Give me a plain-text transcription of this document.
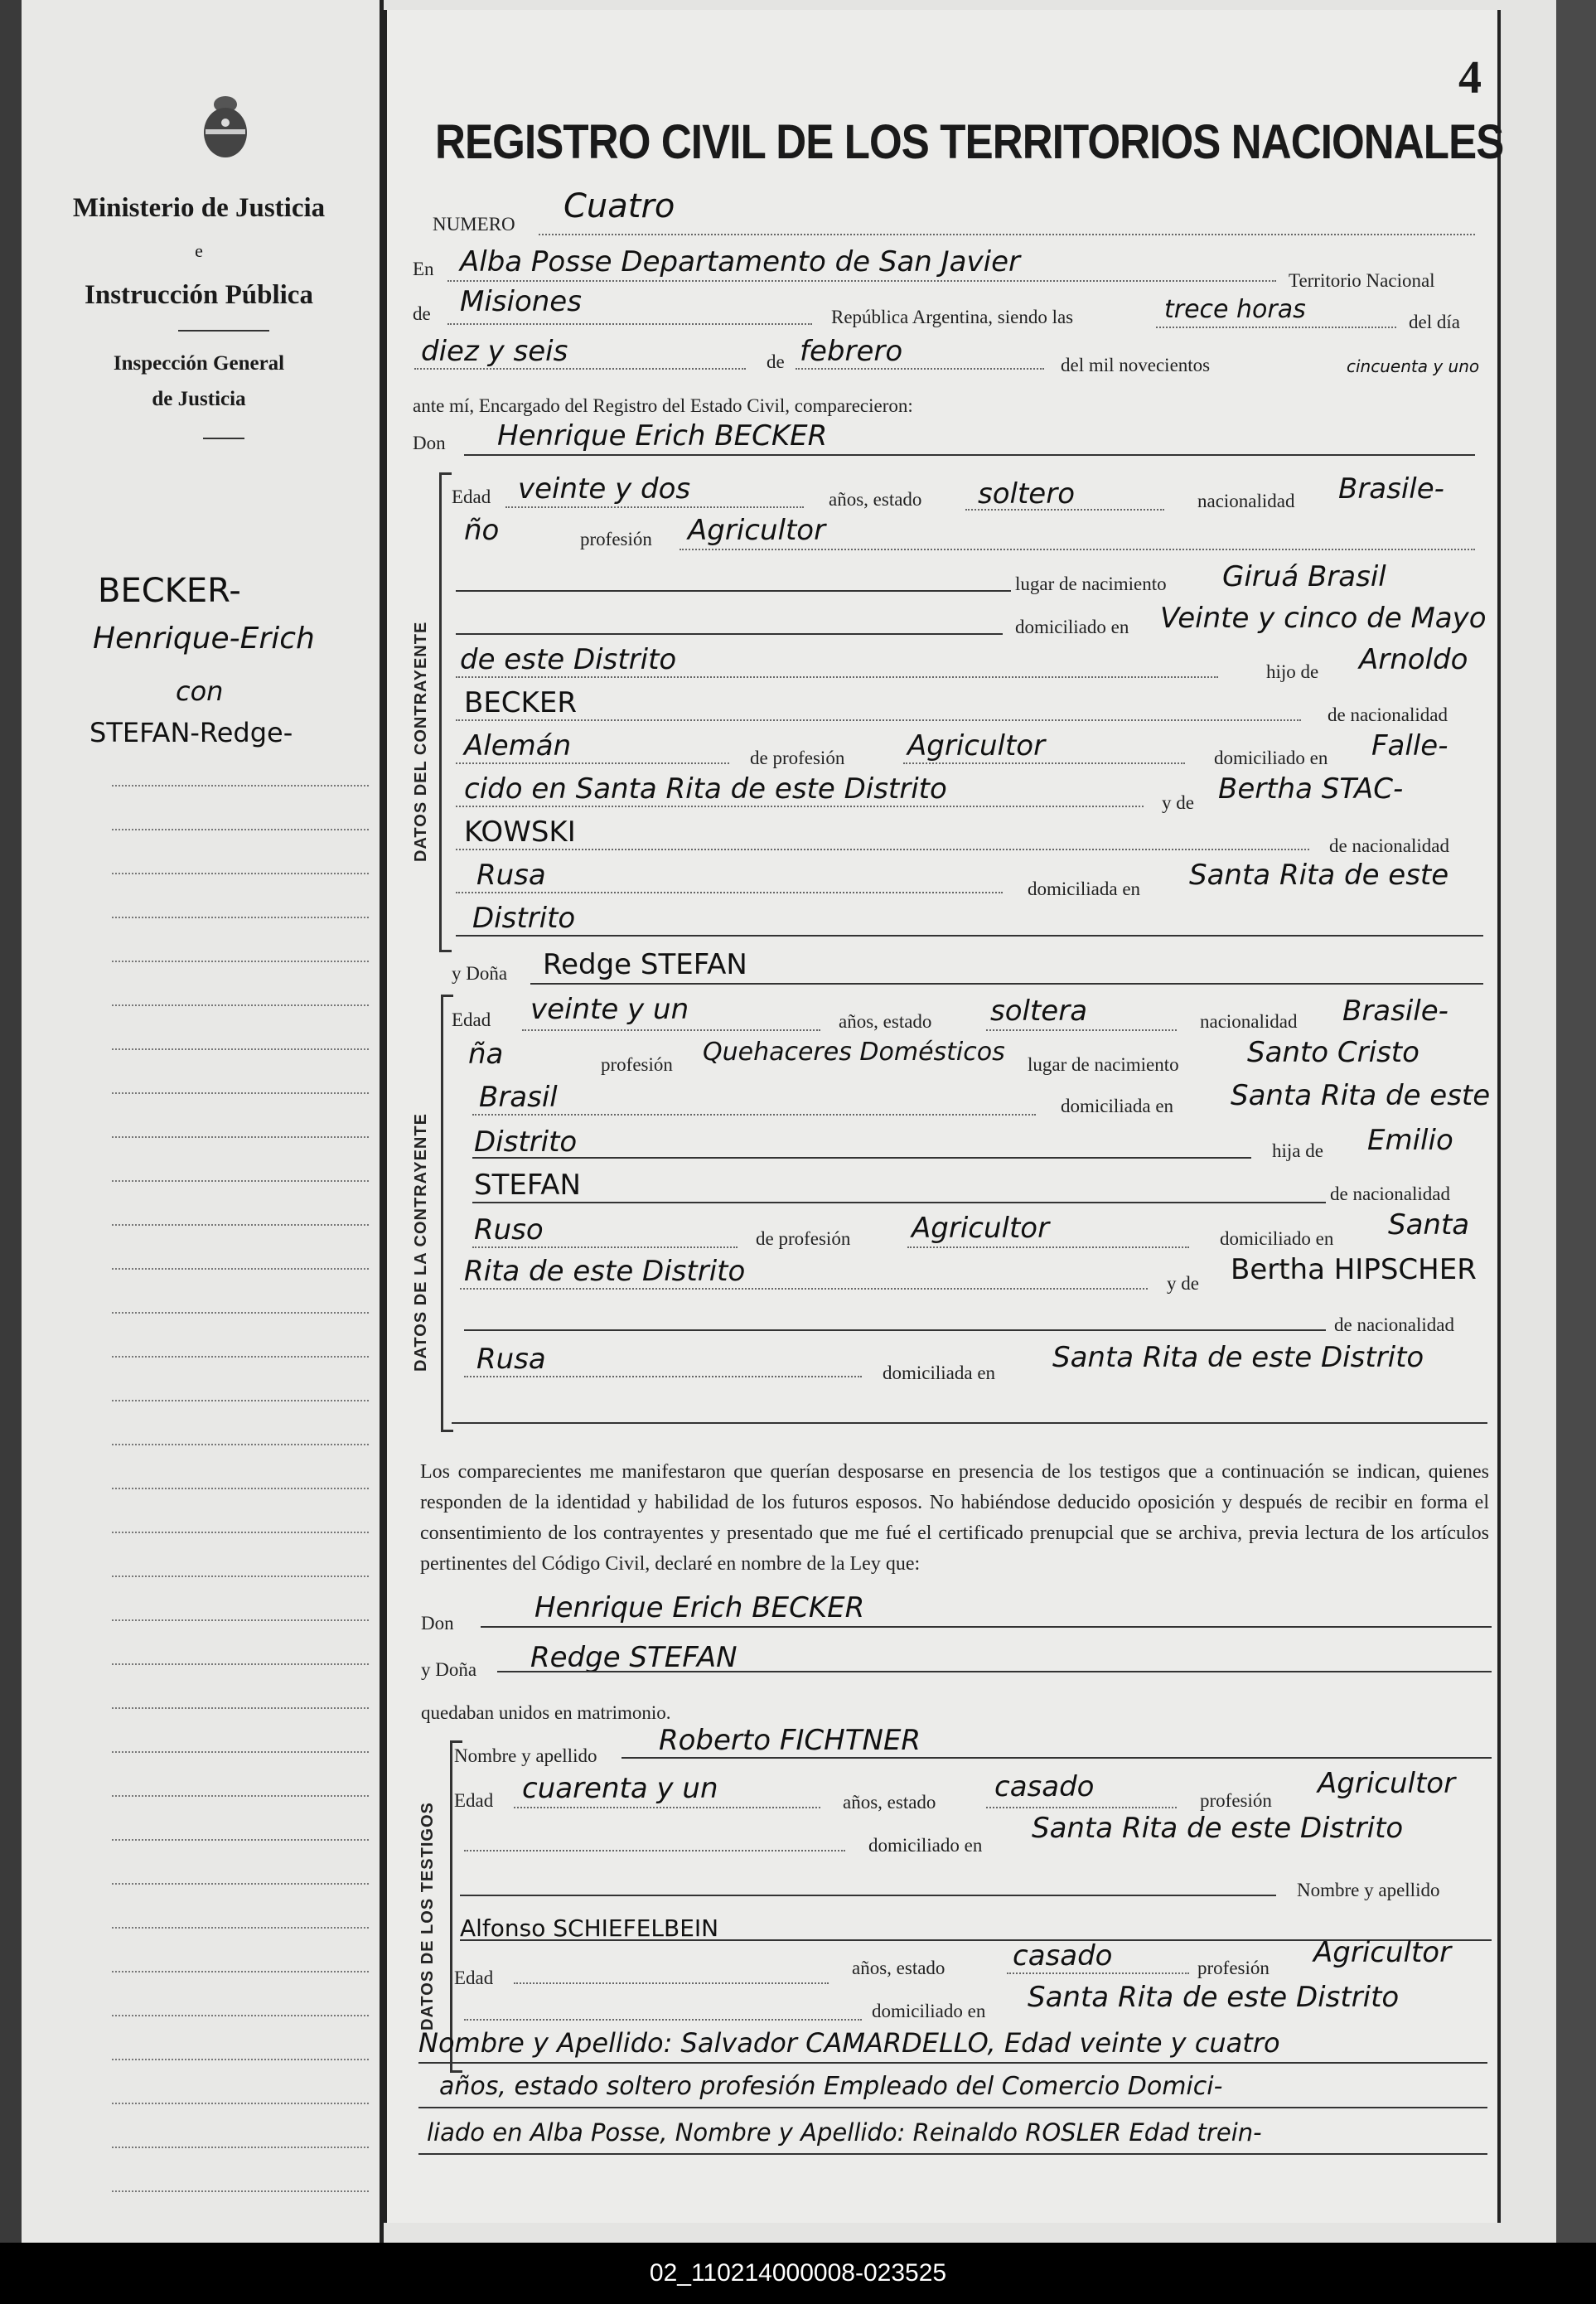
Ministerio de Justicia
e
Instrucción Pública
Inspección General
de Justicia
BECKER-
Henrique-Erich
con
STEFAN-Redge-
4
REGISTRO CIVIL DE LOS TERRITORIOS NACIONALES
NUMERO Cuatro
En Alba Posse Departamento de San Javier
Territorio Nacional
de Misiones	República Argentina, siendo las	trece horas	del día
diez y seis	de febrero	del mil novecientos	cincuenta y uno
ante mí, Encargado del Registro del Estado Civil, comparecieron:
Don Henrique Erich BECKER
DATOS DEL CONTRAYENTE
Edad veinte y dos	años, estado soltero	nacionalidad Brasile-
ño	profesión Agricultor
lugar de nacimiento Giruá Brasil
domiciliado en Veinte y cinco de Mayo
de este Distrito	hijo de Arnoldo
BECKER	de nacionalidad
Alemán	de profesión Agricultor	domiciliado en Falle-
cido en Santa Rita de este Distrito	y de Bertha STAC-
KOWSKI	de nacionalidad
Rusa	domiciliada en Santa Rita de este
Distrito
y Doña Redge STEFAN
DATOS DE LA CONTRAYENTE
Edad veinte y un	años, estado soltera	nacionalidad Brasile-
ña	profesión Quehaceres Domésticos lugar de nacimiento Santo Cristo
Brasil	domiciliada en Santa Rita de este
Distrito	hija de Emilio
STEFAN	de nacionalidad
Ruso	de profesión Agricultor	domiciliado en Santa
Rita de este Distrito	y de Bertha HIPSCHER
de nacionalidad
Rusa	domiciliada en Santa Rita de este Distrito
Los comparecientes me manifestaron que querían desposarse en presencia de los testigos que a continuación se indican, quienes responden de la identidad y habilidad de los futuros esposos. No habiéndose deducido oposición y después de recibir en forma el consentimiento de los contrayentes y presentado que me fué el certificado prenupcial que se archiva, previa lectura de los artículos pertinentes del Código Civil, declaré en nombre de la Ley que:
Don	Henrique Erich BECKER
y Doña Redge STEFAN
quedaban unidos en matrimonio.
DATOS DE LOS TESTIGOS
Nombre y apellido Roberto FICHTNER
Edad cuarenta y un	años, estado casado	profesión
Agricultor
domiciliado en
Santa Rita de este Distrito
Nombre y apellido
Alfonso SCHIEFELBEIN
Edad	años, estado casado	profesión Agricultor
domiciliado en Santa Rita de este Distrito
Nombre y Apellido: Salvador CAMARDELLO, Edad veinte y cuatro
años, estado soltero profesión Empleado del Comercio Domici-
liado en Alba Posse, Nombre y Apellido: Reinaldo ROSLER Edad trein-
02_110214000008-023525
